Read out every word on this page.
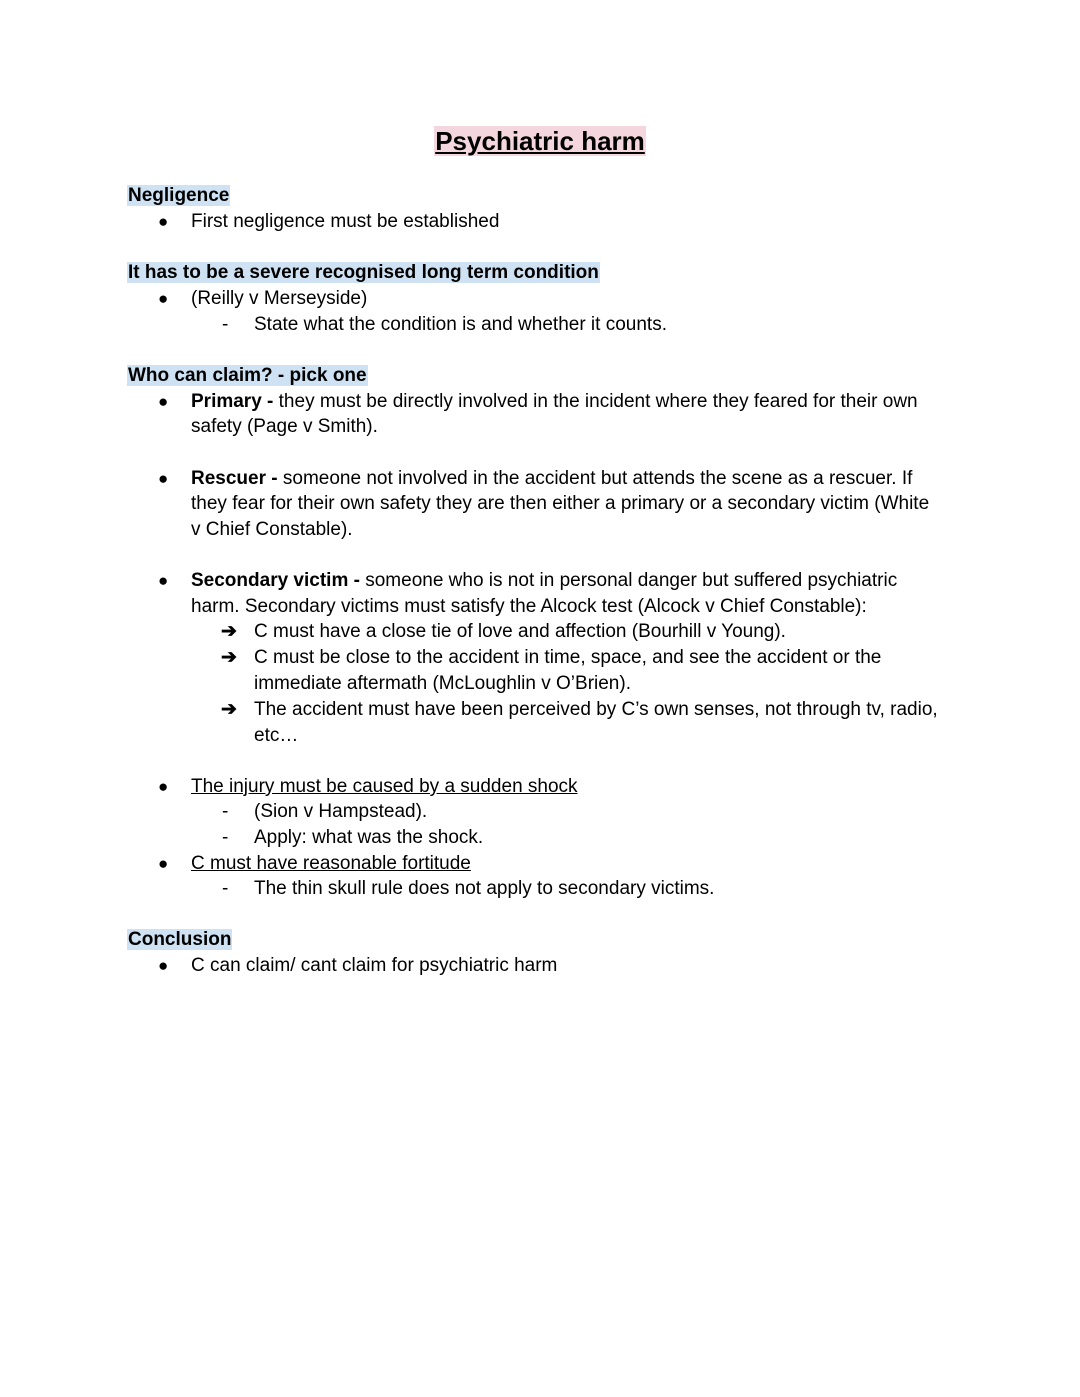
Psychiatric harm
Negligence
● First negligence must be established
It has to be a severe recognised long term condition
● (Reilly v Merseyside)
- State what the condition is and whether it counts.
Who can claim? - pick one
● Primary - they must be directly involved in the incident where they feared for their own
safety (Page v Smith).
● Rescuer - someone not involved in the accident but attends the scene as a rescuer. If
they fear for their own safety they are then either a primary or a secondary victim (White
v Chief Constable).
● Secondary victim - someone who is not in personal danger but suffered psychiatric
harm. Secondary victims must satisfy the Alcock test (Alcock v Chief Constable):
➔ C must have a close tie of love and affection (Bourhill v Young).
➔ C must be close to the accident in time, space, and see the accident or the
immediate aftermath (McLoughlin v O’Brien).
➔ The accident must have been perceived by C’s own senses, not through tv, radio,
etc…
● The injury must be caused by a sudden shock
- (Sion v Hampstead).
- Apply: what was the shock.
● C must have reasonable fortitude
- The thin skull rule does not apply to secondary victims.
Conclusion
● C can claim/ cant claim for psychiatric harm
